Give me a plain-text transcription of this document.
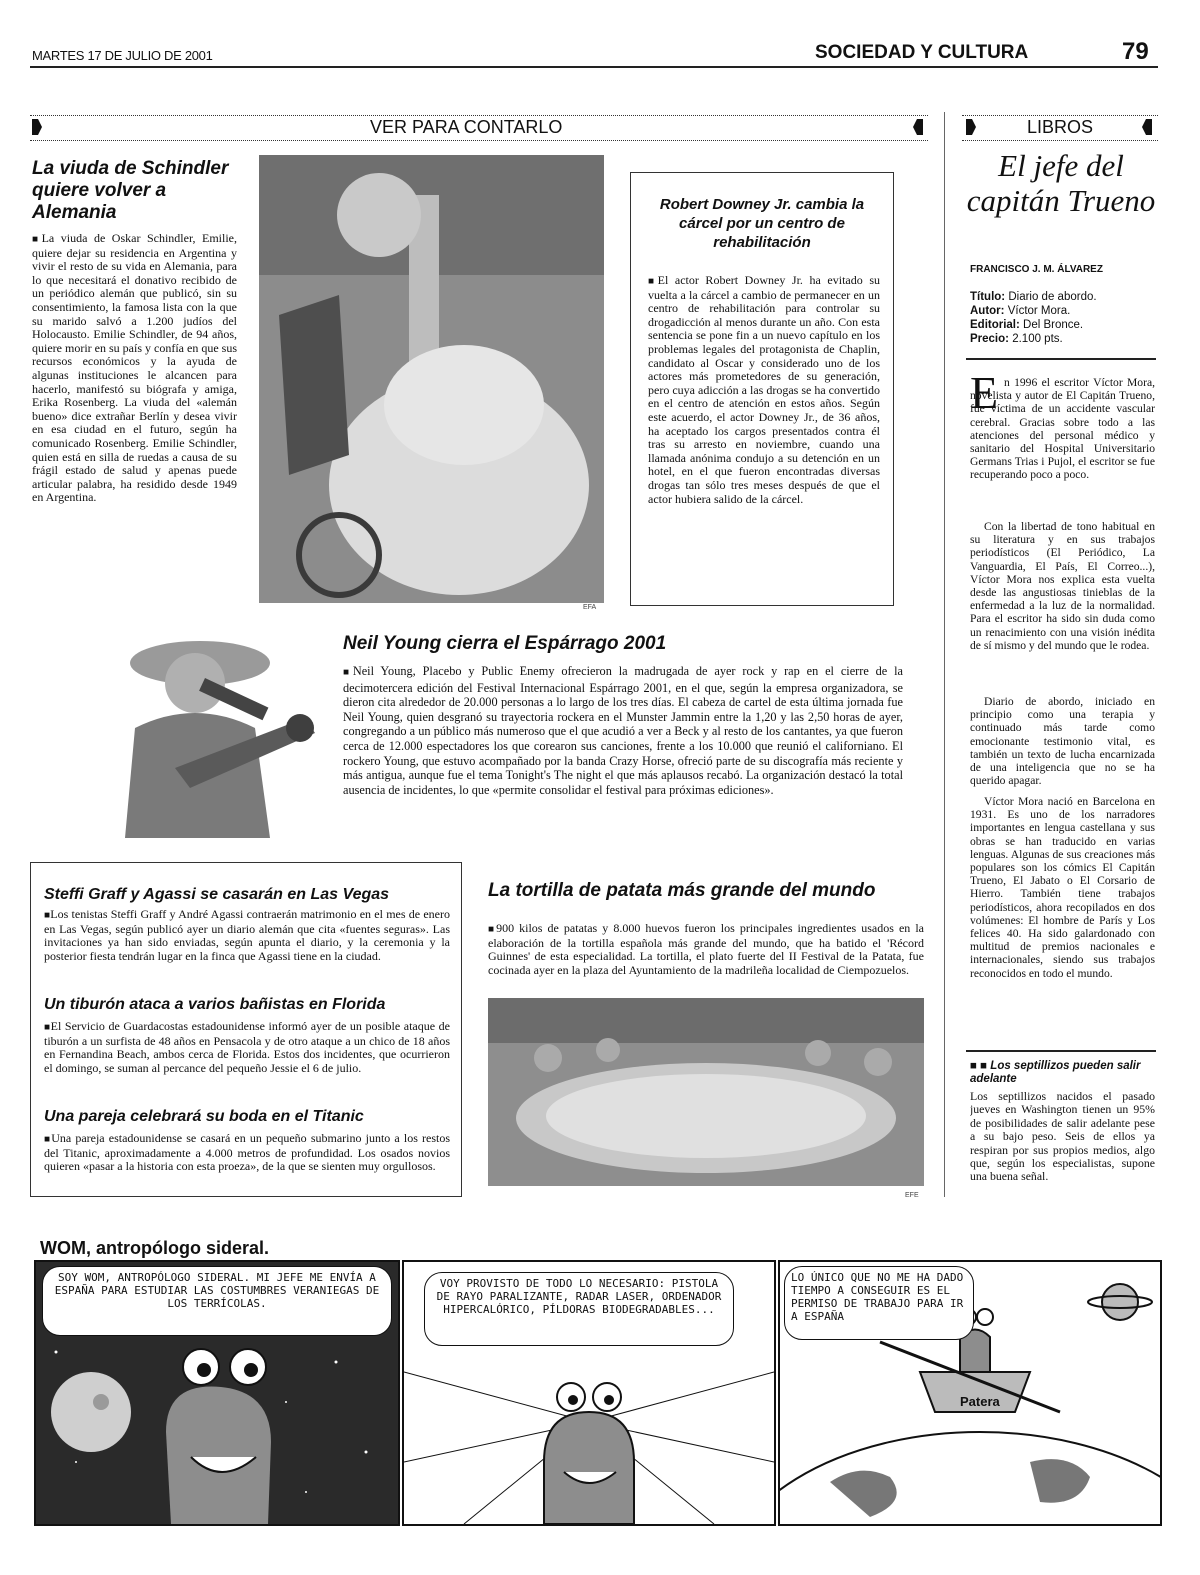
MARTES 17 DE JULIO DE 2001	SOCIEDAD Y CULTURA	79
VER PARA CONTARLO
La viuda de Schindler quiere volver a Alemania
■ La viuda de Oskar Schindler, Emilie, quiere dejar su residencia en Argentina y vivir el resto de su vida en Alemania, para lo que necesitará el donativo recibido de un periódico alemán que publicó, sin su consentimiento, la famosa lista con la que su marido salvó a 1.200 judíos del Holocausto. Emilie Schindler, de 94 años, quiere morir en su país y confía en que sus recursos económicos y la ayuda de algunas instituciones le alcancen para hacerlo, manifestó su biógrafa y amiga, Erika Rosenberg. La viuda del «alemán bueno» dice extrañar Berlín y desea vivir en esa ciudad en el futuro, según ha comunicado Rosenberg. Emilie Schindler, quien está en silla de ruedas a causa de su frágil estado de salud y apenas puede articular palabra, ha residido desde 1949 en Argentina.
EFA
Robert Downey Jr. cambia la cárcel por un centro de rehabilitación
■ El actor Robert Downey Jr. ha evitado su vuelta a la cárcel a cambio de permanecer en un centro de rehabilitación para controlar su drogadicción al menos durante un año. Con esta sentencia se pone fin a un nuevo capítulo en los problemas legales del protagonista de Chaplin, candidato al Oscar y considerado uno de los actores más prometedores de su generación, pero cuya adicción a las drogas se ha convertido en el centro de atención en estos años. Según este acuerdo, el actor Downey Jr., de 36 años, ha aceptado los cargos presentados contra él tras su arresto en noviembre, cuando una llamada anónima condujo a su detención en un hotel, en el que fueron encontradas diversas drogas tan sólo tres meses después de que el actor hubiera salido de la cárcel.
Neil Young cierra el Espárrago 2001
■ Neil Young, Placebo y Public Enemy ofrecieron la madrugada de ayer rock y rap en el cierre de la decimotercera edición del Festival Internacional Espárrago 2001, en el que, según la empresa organizadora, se dieron cita alrededor de 20.000 personas a lo largo de los tres días. El cabeza de cartel de esta última jornada fue Neil Young, quien desgranó su trayectoria rockera en el Munster Jammin entre la 1,20 y las 2,50 horas de ayer, congregando a un público más numeroso que el que acudió a ver a Beck y al resto de los cantantes, ya que fueron cerca de 12.000 espectadores los que corearon sus canciones, frente a los 10.000 que reunió el californiano. El rockero Young, que estuvo acompañado por la banda Crazy Horse, ofreció parte de su discografía más reciente y más antigua, aunque fue el tema Tonight's The night el que más aplausos recabó. La organización destacó la total ausencia de incidentes, lo que «permite consolidar el festival para próximas ediciones».
Steffi Graff y Agassi se casarán en Las Vegas
■ Los tenistas Steffi Graff y André Agassi contraerán matrimonio en el mes de enero en Las Vegas, según publicó ayer un diario alemán que cita «fuentes seguras». Las invitaciones ya han sido enviadas, según apunta el diario, y la ceremonia y la posterior fiesta tendrán lugar en la finca que Agassi tiene en la ciudad.
Un tiburón ataca a varios bañistas en Florida
■ El Servicio de Guardacostas estadounidense informó ayer de un posible ataque de tiburón a un surfista de 48 años en Pensacola y de otro ataque a un chico de 18 años en Fernandina Beach, ambos cerca de Florida. Estos dos incidentes, que ocurrieron el domingo, se suman al percance del pequeño Jessie el 6 de julio.
Una pareja celebrará su boda en el Titanic
■ Una pareja estadounidense se casará en un pequeño submarino junto a los restos del Titanic, aproximadamente a 4.000 metros de profundidad. Los osados novios quieren «pasar a la historia con esta proeza», de la que se sienten muy orgullosos.
La tortilla de patata más grande del mundo
■ 900 kilos de patatas y 8.000 huevos fueron los principales ingredientes usados en la elaboración de la tortilla española más grande del mundo, que ha batido el 'Récord Guinnes' de esta especialidad. La tortilla, el plato fuerte del II Festival de la Patata, fue cocinada ayer en la plaza del Ayuntamiento de la madrileña localidad de Ciempozuelos.
EFE
LIBROS
El jefe del capitán Trueno
FRANCISCO J. M. ÁLVAREZ
Título: Diario de abordo.
Autor: Víctor Mora.
Editorial: Del Bronce.
Precio: 2.100 pts.
E n 1996 el escritor Víctor Mora, novelista y autor de El Capitán Trueno, fue víctima de un accidente vascular cerebral. Gracias sobre todo a las atenciones del personal médico y sanitario del Hospital Universitario Germans Trias i Pujol, el escritor se fue recuperando poco a poco.
Con la libertad de tono habitual en su literatura y en sus trabajos periodísticos (El Periódico, La Vanguardia, El País, El Correo...), Víctor Mora nos explica esta vuelta desde las angustiosas tinieblas de la enfermedad a la luz de la normalidad. Para el escritor ha sido sin duda como un renacimiento con una visión inédita de sí mismo y del mundo que le rodea.
Diario de abordo, iniciado en principio como una terapia y continuado más tarde como emocionante testimonio vital, es también un texto de lucha encarnizada de una inteligencia que no se ha querido apagar.
Víctor Mora nació en Barcelona en 1931. Es uno de los narradores importantes en lengua castellana y sus obras se han traducido en varias lenguas. Algunas de sus creaciones más populares son los cómics El Capitán Trueno, El Jabato o El Corsario de Hierro. También tiene trabajos periodísticos, ahora recopilados en dos volúmenes: El hombre de París y Los felices 40. Ha sido galardonado con multitud de premios nacionales e internacionales, siendo sus trabajos reconocidos en todo el mundo.
■ ■ Los septillizos pueden salir adelante
Los septillizos nacidos el pasado jueves en Washington tienen un 95% de posibilidades de salir adelante pese a su bajo peso. Seis de ellos ya respiran por sus propios medios, algo que, según los especialistas, supone una buena señal.
WOM, antropólogo sideral.
SOY WOM, ANTROPÓLOGO SIDERAL. MI JEFE ME ENVÍA A ESPAÑA PARA ESTUDIAR LAS COSTUMBRES VERANIEGAS DE LOS TERRÍCOLAS.
VOY PROVISTO DE TODO LO NECESARIO: PISTOLA DE RAYO PARALIZANTE, RADAR LASER, ORDENADOR HIPERCALÓRICO, PÍLDORAS BIODEGRADABLES...
Patera
LO ÚNICO QUE NO ME HA DADO TIEMPO A CONSEGUIR ES EL PERMISO DE TRABAJO PARA IR A ESPAÑA
